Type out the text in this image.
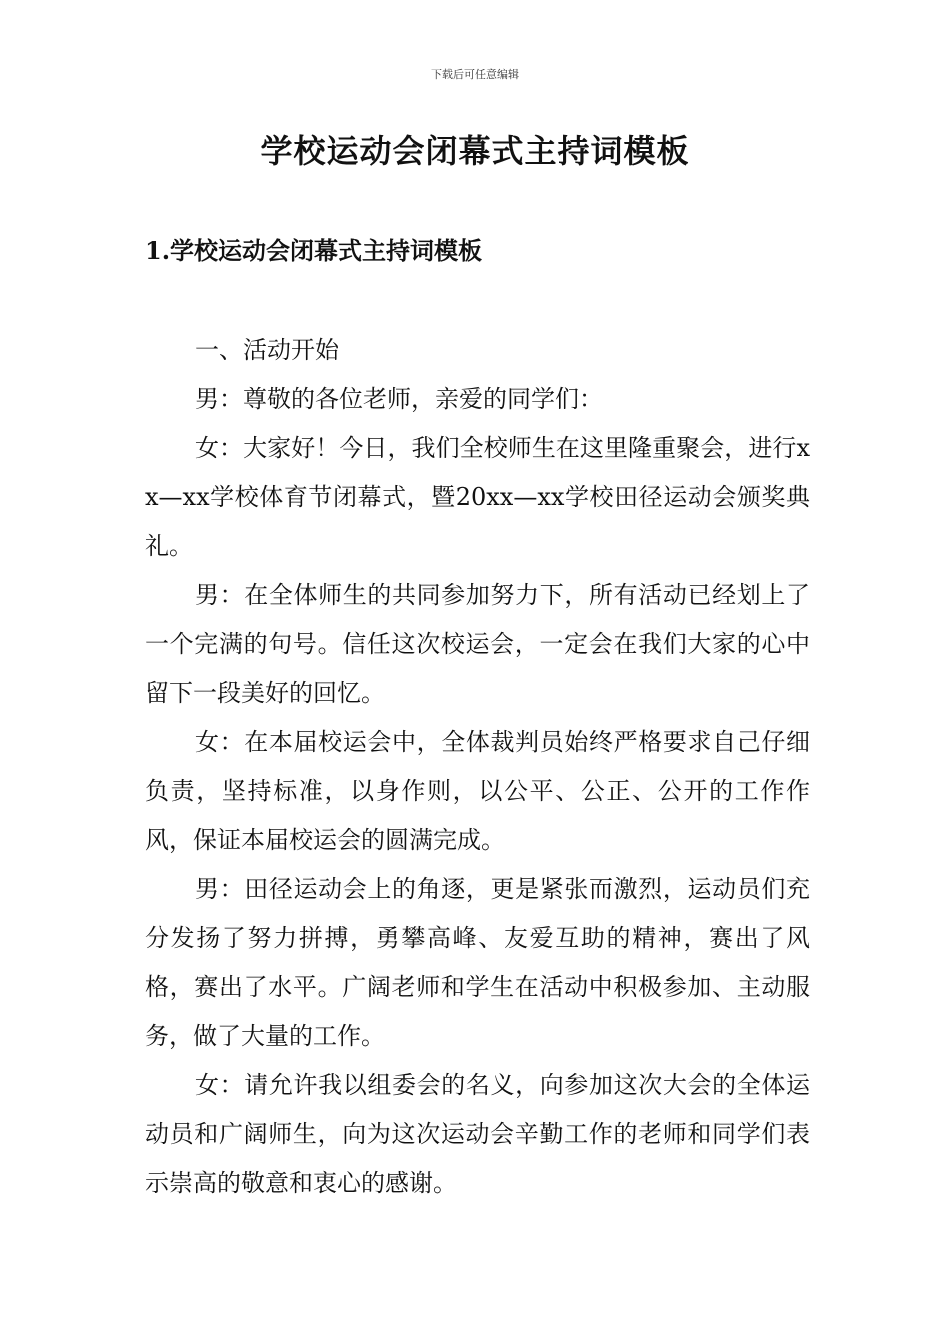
下载后可任意编辑
学校运动会闭幕式主持词模板
1.学校运动会闭幕式主持词模板

一、活动开始

男：尊敬的各位老师，亲爱的同学们：

女：大家好！今日，我们全校师生在这里隆重聚会，进行xx—xx学校体育节闭幕式，暨20xx—xx学校田径运动会颁奖典礼。

男：在全体师生的共同参加努力下，所有活动已经划上了一个完满的句号。信任这次校运会，一定会在我们大家的心中留下一段美好的回忆。

女：在本届校运会中，全体裁判员始终严格要求自己仔细负责，坚持标准，以身作则，以公平、公正、公开的工作作风，保证本届校运会的圆满完成。

男：田径运动会上的角逐，更是紧张而激烈，运动员们充分发扬了努力拼搏，勇攀高峰、友爱互助的精神，赛出了风格，赛出了水平。广阔老师和学生在活动中积极参加、主动服务，做了大量的工作。

女：请允许我以组委会的名义，向参加这次大会的全体运动员和广阔师生，向为这次运动会辛勤工作的老师和同学们表示崇高的敬意和衷心的感谢。
